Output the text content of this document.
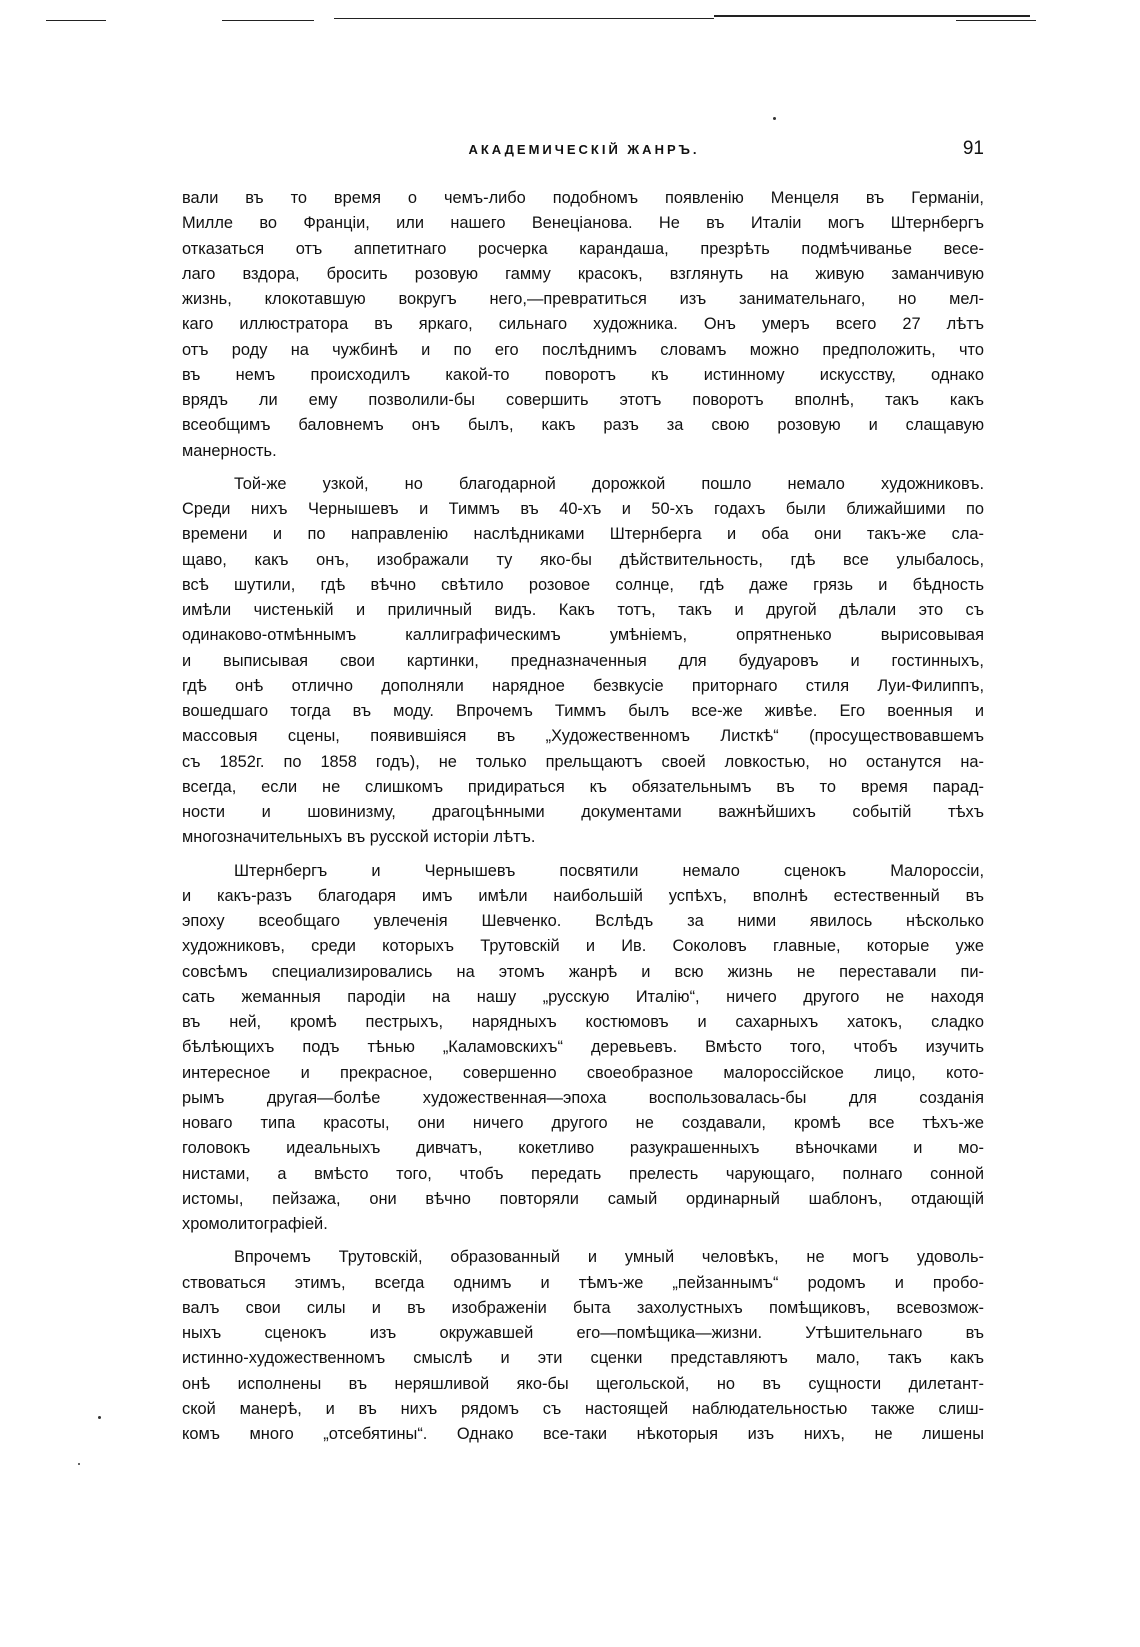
АКАДЕМИЧЕСКІЙ ЖАНРЪ.	91

вали въ то время о чемъ-либо подобномъ появленію Менцеля въ Германіи,

Милле во Франціи, или нашего Венеціанова. Не въ Италіи могъ Штернбергъ

отказаться отъ аппетитнаго росчерка карандаша, презрѣть подмѣчиванье весе-

лаго вздора, бросить розовую гамму красокъ, взглянуть на живую заманчивую

жизнь, клокотавшую вокругъ него,—превратиться изъ занимательнаго, но мел-

каго иллюстратора въ яркаго, сильнаго художника. Онъ умеръ всего 27 лѣтъ

отъ роду на чужбинѣ и по его послѣднимъ словамъ можно предположить, что

въ немъ происходилъ какой-то поворотъ къ истинному искусству, однако

врядъ ли ему позволили-бы совершить этотъ поворотъ вполнѣ, такъ какъ

всеобщимъ баловнемъ онъ былъ, какъ разъ за свою розовую и слащавую

манерность.

Той-же узкой, но благодарной дорожкой пошло немало художниковъ.

Среди нихъ Чернышевъ и Тиммъ въ 40-хъ и 50-хъ годахъ были ближайшими по

времени и по направленію наслѣдниками Штернберга и оба они такъ-же сла-

щаво, какъ онъ, изображали ту яко-бы дѣйствительность, гдѣ все улыбалось,

всѣ шутили, гдѣ вѣчно свѣтило розовое солнце, гдѣ даже грязь и бѣдность

имѣли чистенькій и приличный видъ. Какъ тотъ, такъ и другой дѣлали это съ

одинаково-отмѣннымъ каллиграфическимъ умѣніемъ, опрятненько вырисовывая

и выписывая свои картинки, предназначенныя для будуаровъ и гостинныхъ,

гдѣ онѣ отлично дополняли нарядное безвкусіе приторнаго стиля Луи-Филиппъ,

вошедшаго тогда въ моду. Впрочемъ Тиммъ былъ все-же живѣе. Его военныя и

массовыя сцены, появившіяся въ „Художественномъ Листкѣ“ (просуществовавшемъ

съ 1852г. по 1858 годъ), не только прельщаютъ своей ловкостью, но останутся на-

всегда, если не слишкомъ придираться къ обязательнымъ въ то время парад-

ности и шовинизму, драгоцѣнными документами важнѣйшихъ событій тѣхъ

многозначительныхъ въ русской исторіи лѣтъ.

Штернбергъ и Чернышевъ посвятили немало сценокъ Малороссіи,

и какъ-разъ благодаря имъ имѣли наибольшій успѣхъ, вполнѣ естественный въ

эпоху всеобщаго увлеченія Шевченко. Вслѣдъ за ними явилось нѣсколько

художниковъ, среди которыхъ Трутовскій и Ив. Соколовъ главные, которые уже

совсѣмъ специализировались на этомъ жанрѣ и всю жизнь не переставали пи-

сать жеманныя пародіи на нашу „русскую Италію“, ничего другого не находя

въ ней, кромѣ пестрыхъ, нарядныхъ костюмовъ и сахарныхъ хатокъ, сладко

бѣлѣющихъ подъ тѣнью „Каламовскихъ“ деревьевъ. Вмѣсто того, чтобъ изучить

интересное и прекрасное, совершенно своеобразное малороссійское лицо, кото-

рымъ другая—болѣе художественная—эпоха воспользовалась-бы для созданія

новаго типа красоты, они ничего другого не создавали, кромѣ все тѣхъ-же

головокъ идеальныхъ дивчатъ, кокетливо разукрашенныхъ вѣночками и мо-

нистами, а вмѣсто того, чтобъ передать прелесть чарующаго, полнаго сонной

истомы, пейзажа, они вѣчно повторяли самый ординарный шаблонъ, отдающій

хромолитографіей.

Впрочемъ Трутовскій, образованный и умный человѣкъ, не могъ удоволь-

ствоваться этимъ, всегда однимъ и тѣмъ-же „пейзаннымъ“ родомъ и пробо-

валъ свои силы и въ изображеніи быта захолустныхъ помѣщиковъ, всевозмож-

ныхъ сценокъ изъ окружавшей его—помѣщика—жизни. Утѣшительнаго въ

истинно-художественномъ смыслѣ и эти сценки представляютъ мало, такъ какъ

онѣ исполнены въ неряшливой яко-бы щегольской, но въ сущности дилетант-

ской манерѣ, и въ нихъ рядомъ съ настоящей наблюдательностью также слиш-

комъ много „отсебятины“. Однако все-таки нѣкоторыя изъ нихъ, не лишены
